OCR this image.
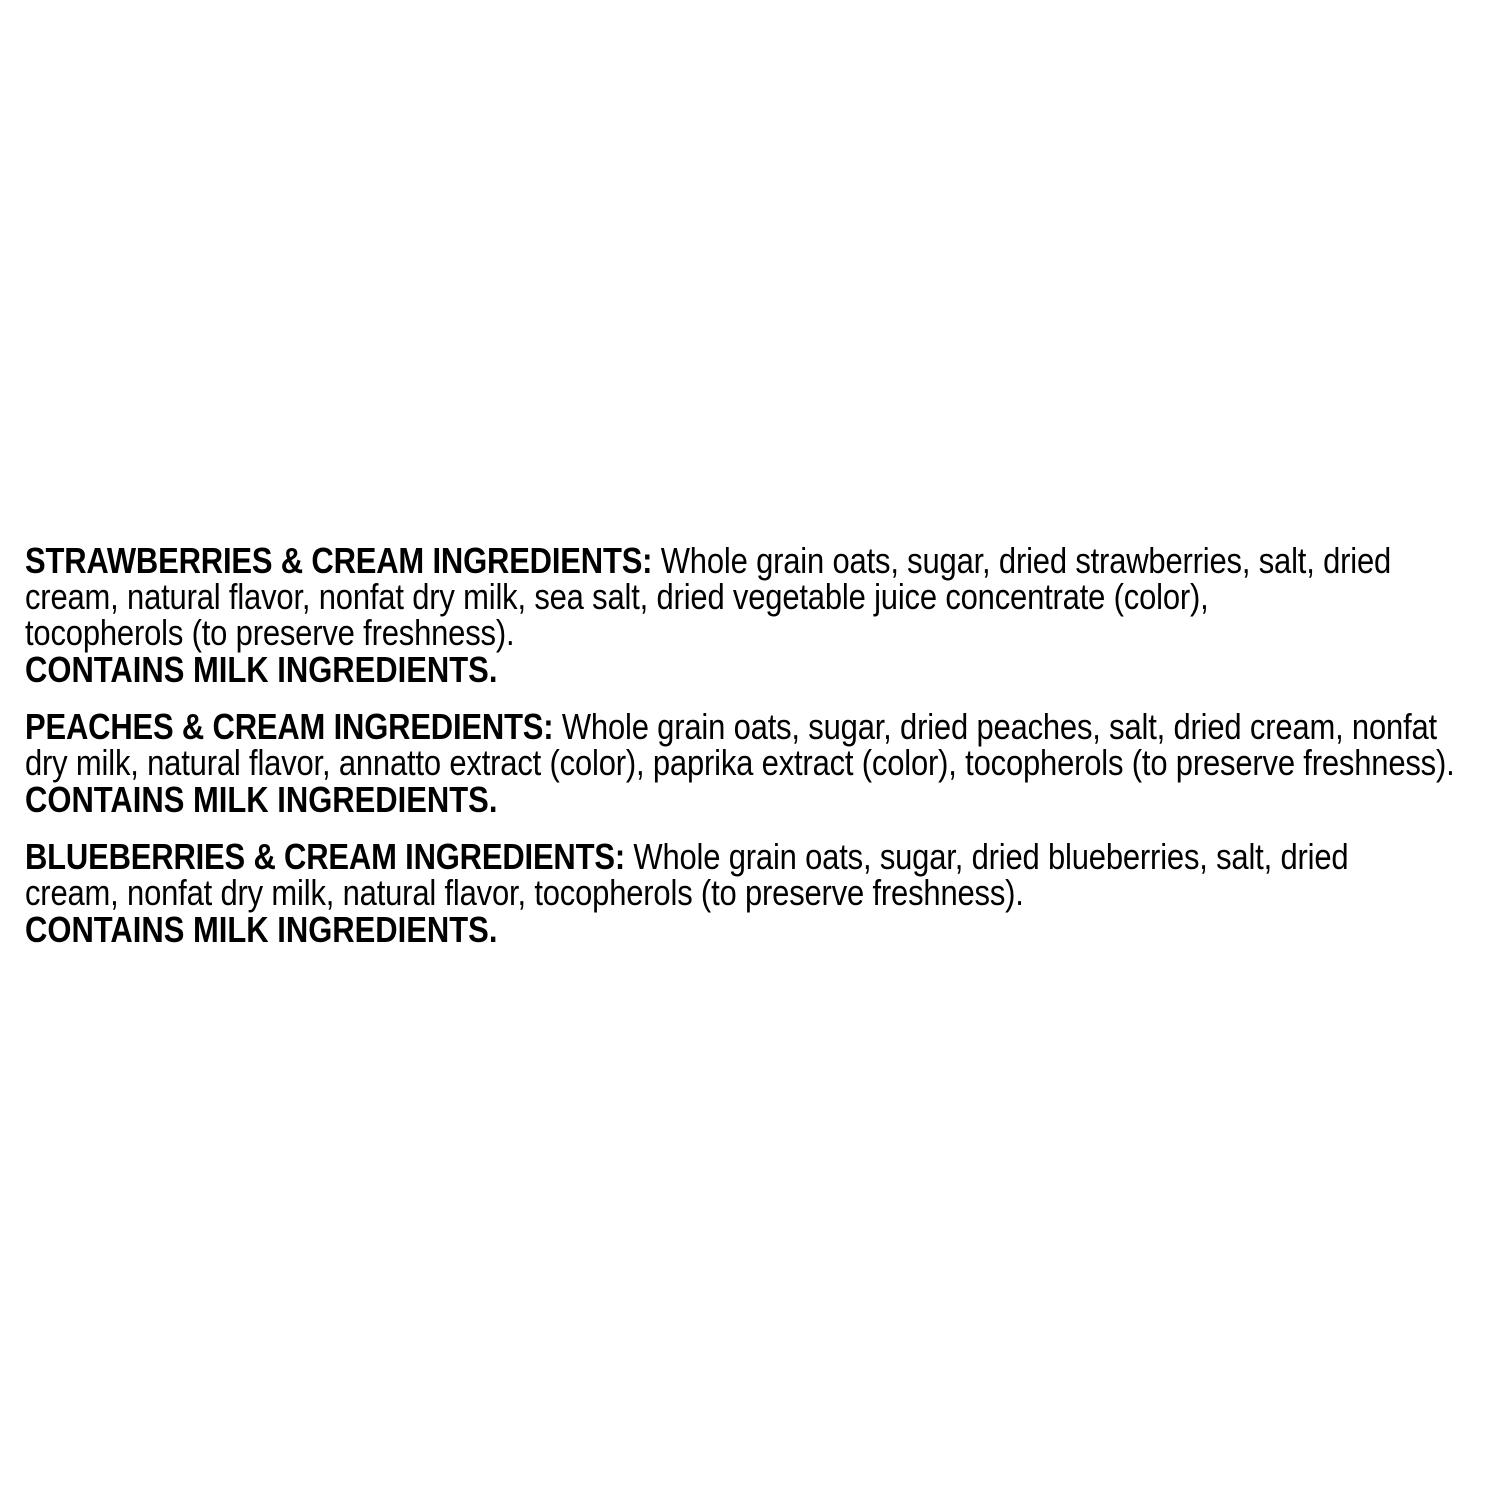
STRAWBERRIES & CREAM INGREDIENTS: Whole grain oats, sugar, dried strawberries, salt, dried
cream, natural flavor, nonfat dry milk, sea salt, dried vegetable juice concentrate (color),
tocopherols (to preserve freshness).
CONTAINS MILK INGREDIENTS.
PEACHES & CREAM INGREDIENTS: Whole grain oats, sugar, dried peaches, salt, dried cream, nonfat
dry milk, natural flavor, annatto extract (color), paprika extract (color), tocopherols (to preserve freshness).
CONTAINS MILK INGREDIENTS.
BLUEBERRIES & CREAM INGREDIENTS: Whole grain oats, sugar, dried blueberries, salt, dried
cream, nonfat dry milk, natural flavor, tocopherols (to preserve freshness).
CONTAINS MILK INGREDIENTS.
